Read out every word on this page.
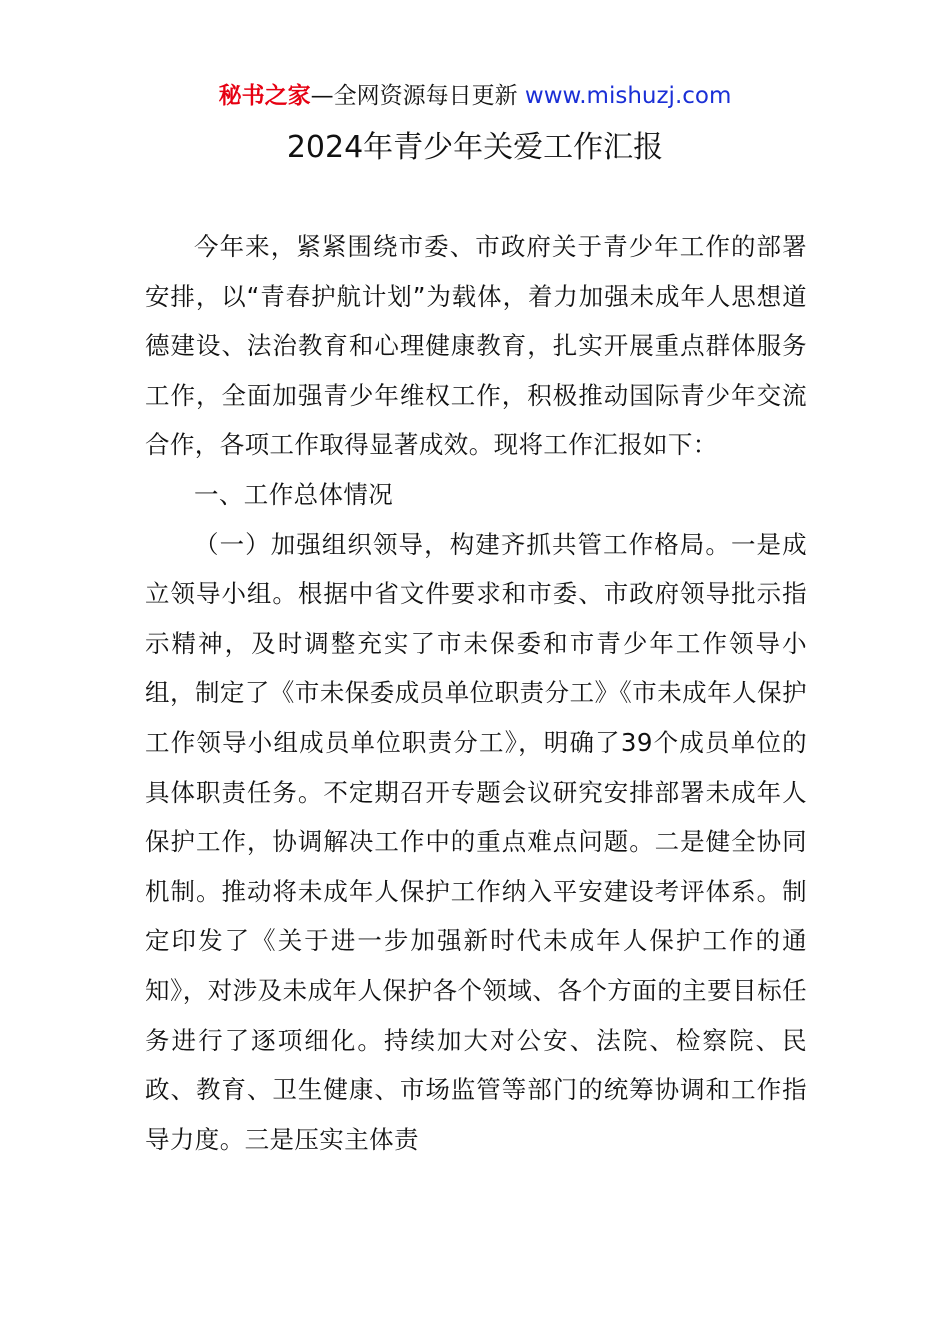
秘书之家—全网资源每日更新 www.mishuzj.com
2024年青少年关爱工作汇报

今年来，紧紧围绕市委、市政府关于青少年工作的部署安排，以“青春护航计划”为载体，着力加强未成年人思想道德建设、法治教育和心理健康教育，扎实开展重点群体服务工作，全面加强青少年维权工作，积极推动国际青少年交流合作，各项工作取得显著成效。现将工作汇报如下：

一、工作总体情况

（一）加强组织领导，构建齐抓共管工作格局。一是成立领导小组。根据中省文件要求和市委、市政府领导批示指示精神，及时调整充实了市未保委和市青少年工作领导小组，制定了《市未保委成员单位职责分工》《市未成年人保护工作领导小组成员单位职责分工》，明确了39个成员单位的具体职责任务。不定期召开专题会议研究安排部署未成年人保护工作，协调解决工作中的重点难点问题。二是健全协同机制。推动将未成年人保护工作纳入平安建设考评体系。制定印发了《关于进一步加强新时代未成年人保护工作的通知》，对涉及未成年人保护各个领域、各个方面的主要目标任务进行了逐项细化。持续加大对公安、法院、检察院、民政、教育、卫生健康、市场监管等部门的统筹协调和工作指导力度。三是压实主体责
